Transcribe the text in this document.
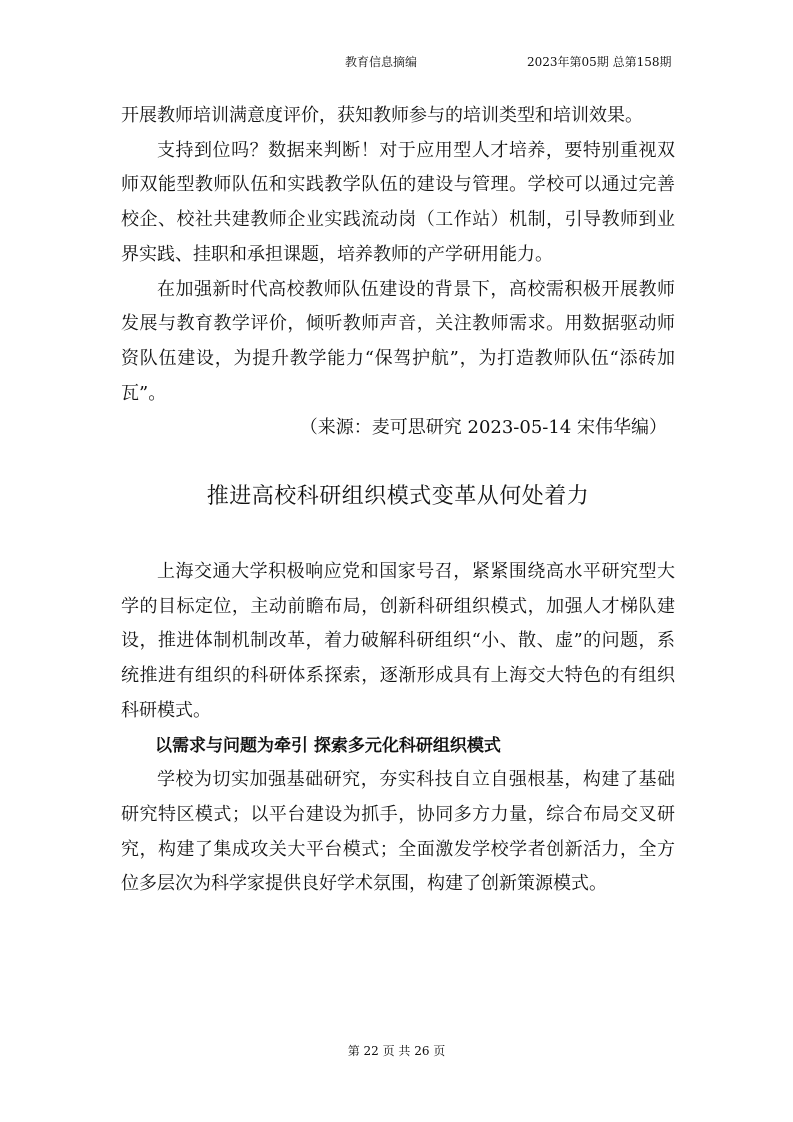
教育信息摘编	2023年第05期 总第158期

开展教师培训满意度评价，获知教师参与的培训类型和培训效果。

支持到位吗？数据来判断！对于应用型人才培养，要特别重视双师双能型教师队伍和实践教学队伍的建设与管理。学校可以通过完善校企、校社共建教师企业实践流动岗（工作站）机制，引导教师到业界实践、挂职和承担课题，培养教师的产学研用能力。

在加强新时代高校教师队伍建设的背景下，高校需积极开展教师发展与教育教学评价，倾听教师声音，关注教师需求。用数据驱动师资队伍建设，为提升教学能力“保驾护航”，为打造教师队伍“添砖加瓦”。

（来源：麦可思研究 2023-05-14 宋伟华编）

推进高校科研组织模式变革从何处着力

上海交通大学积极响应党和国家号召，紧紧围绕高水平研究型大学的目标定位，主动前瞻布局，创新科研组织模式，加强人才梯队建设，推进体制机制改革，着力破解科研组织“小、散、虚”的问题，系统推进有组织的科研体系探索，逐渐形成具有上海交大特色的有组织科研模式。

以需求与问题为牵引 探索多元化科研组织模式

学校为切实加强基础研究，夯实科技自立自强根基，构建了基础研究特区模式；以平台建设为抓手，协同多方力量，综合布局交叉研究，构建了集成攻关大平台模式；全面激发学校学者创新活力，全方位多层次为科学家提供良好学术氛围，构建了创新策源模式。

第 22 页 共 26 页
